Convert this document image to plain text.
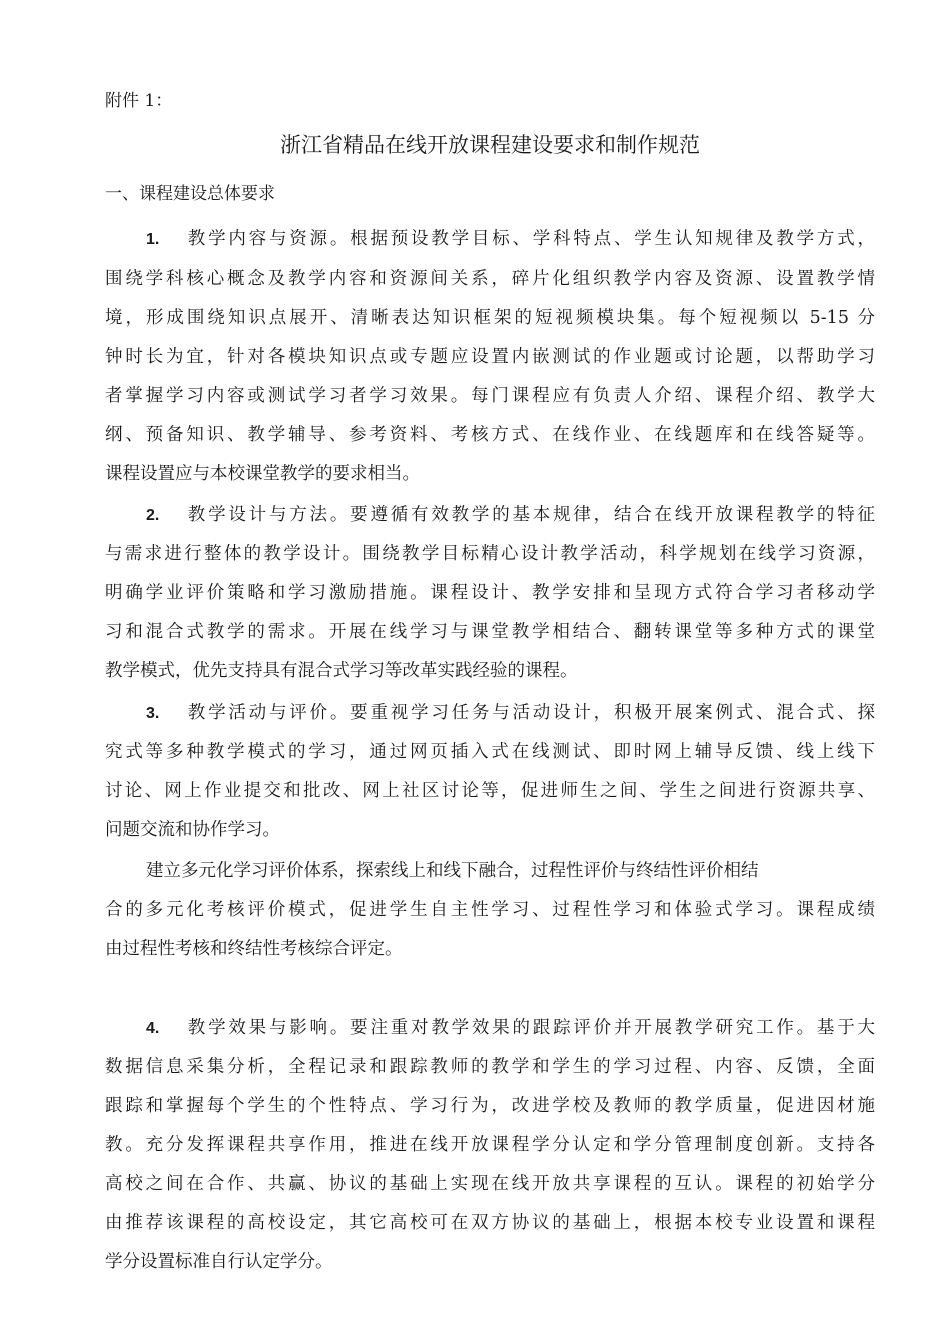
附件 1：
浙江省精品在线开放课程建设要求和制作规范
一、课程建设总体要求
1. 教学内容与资源。根据预设教学目标、学科特点、学生认知规律及教学方式，
围绕学科核心概念及教学内容和资源间关系，碎片化组织教学内容及资源、设置教学情
境，形成围绕知识点展开、清晰表达知识框架的短视频模块集。每个短视频以 5-15 分
钟时长为宜，针对各模块知识点或专题应设置内嵌测试的作业题或讨论题，以帮助学习
者掌握学习内容或测试学习者学习效果。每门课程应有负责人介绍、课程介绍、教学大
纲、预备知识、教学辅导、参考资料、考核方式、在线作业、在线题库和在线答疑等。
课程设置应与本校课堂教学的要求相当。
2. 教学设计与方法。要遵循有效教学的基本规律，结合在线开放课程教学的特征
与需求进行整体的教学设计。围绕教学目标精心设计教学活动，科学规划在线学习资源，
明确学业评价策略和学习激励措施。课程设计、教学安排和呈现方式符合学习者移动学
习和混合式教学的需求。开展在线学习与课堂教学相结合、翻转课堂等多种方式的课堂
教学模式，优先支持具有混合式学习等改革实践经验的课程。
3. 教学活动与评价。要重视学习任务与活动设计，积极开展案例式、混合式、探
究式等多种教学模式的学习，通过网页插入式在线测试、即时网上辅导反馈、线上线下
讨论、网上作业提交和批改、网上社区讨论等，促进师生之间、学生之间进行资源共享、
问题交流和协作学习。
建立多元化学习评价体系，探索线上和线下融合，过程性评价与终结性评价相结
合的多元化考核评价模式，促进学生自主性学习、过程性学习和体验式学习。课程成绩
由过程性考核和终结性考核综合评定。
4. 教学效果与影响。要注重对教学效果的跟踪评价并开展教学研究工作。基于大
数据信息采集分析，全程记录和跟踪教师的教学和学生的学习过程、内容、反馈，全面
跟踪和掌握每个学生的个性特点、学习行为，改进学校及教师的教学质量，促进因材施
教。充分发挥课程共享作用，推进在线开放课程学分认定和学分管理制度创新。支持各
高校之间在合作、共赢、协议的基础上实现在线开放共享课程的互认。课程的初始学分
由推荐该课程的高校设定，其它高校可在双方协议的基础上，根据本校专业设置和课程
学分设置标准自行认定学分。
